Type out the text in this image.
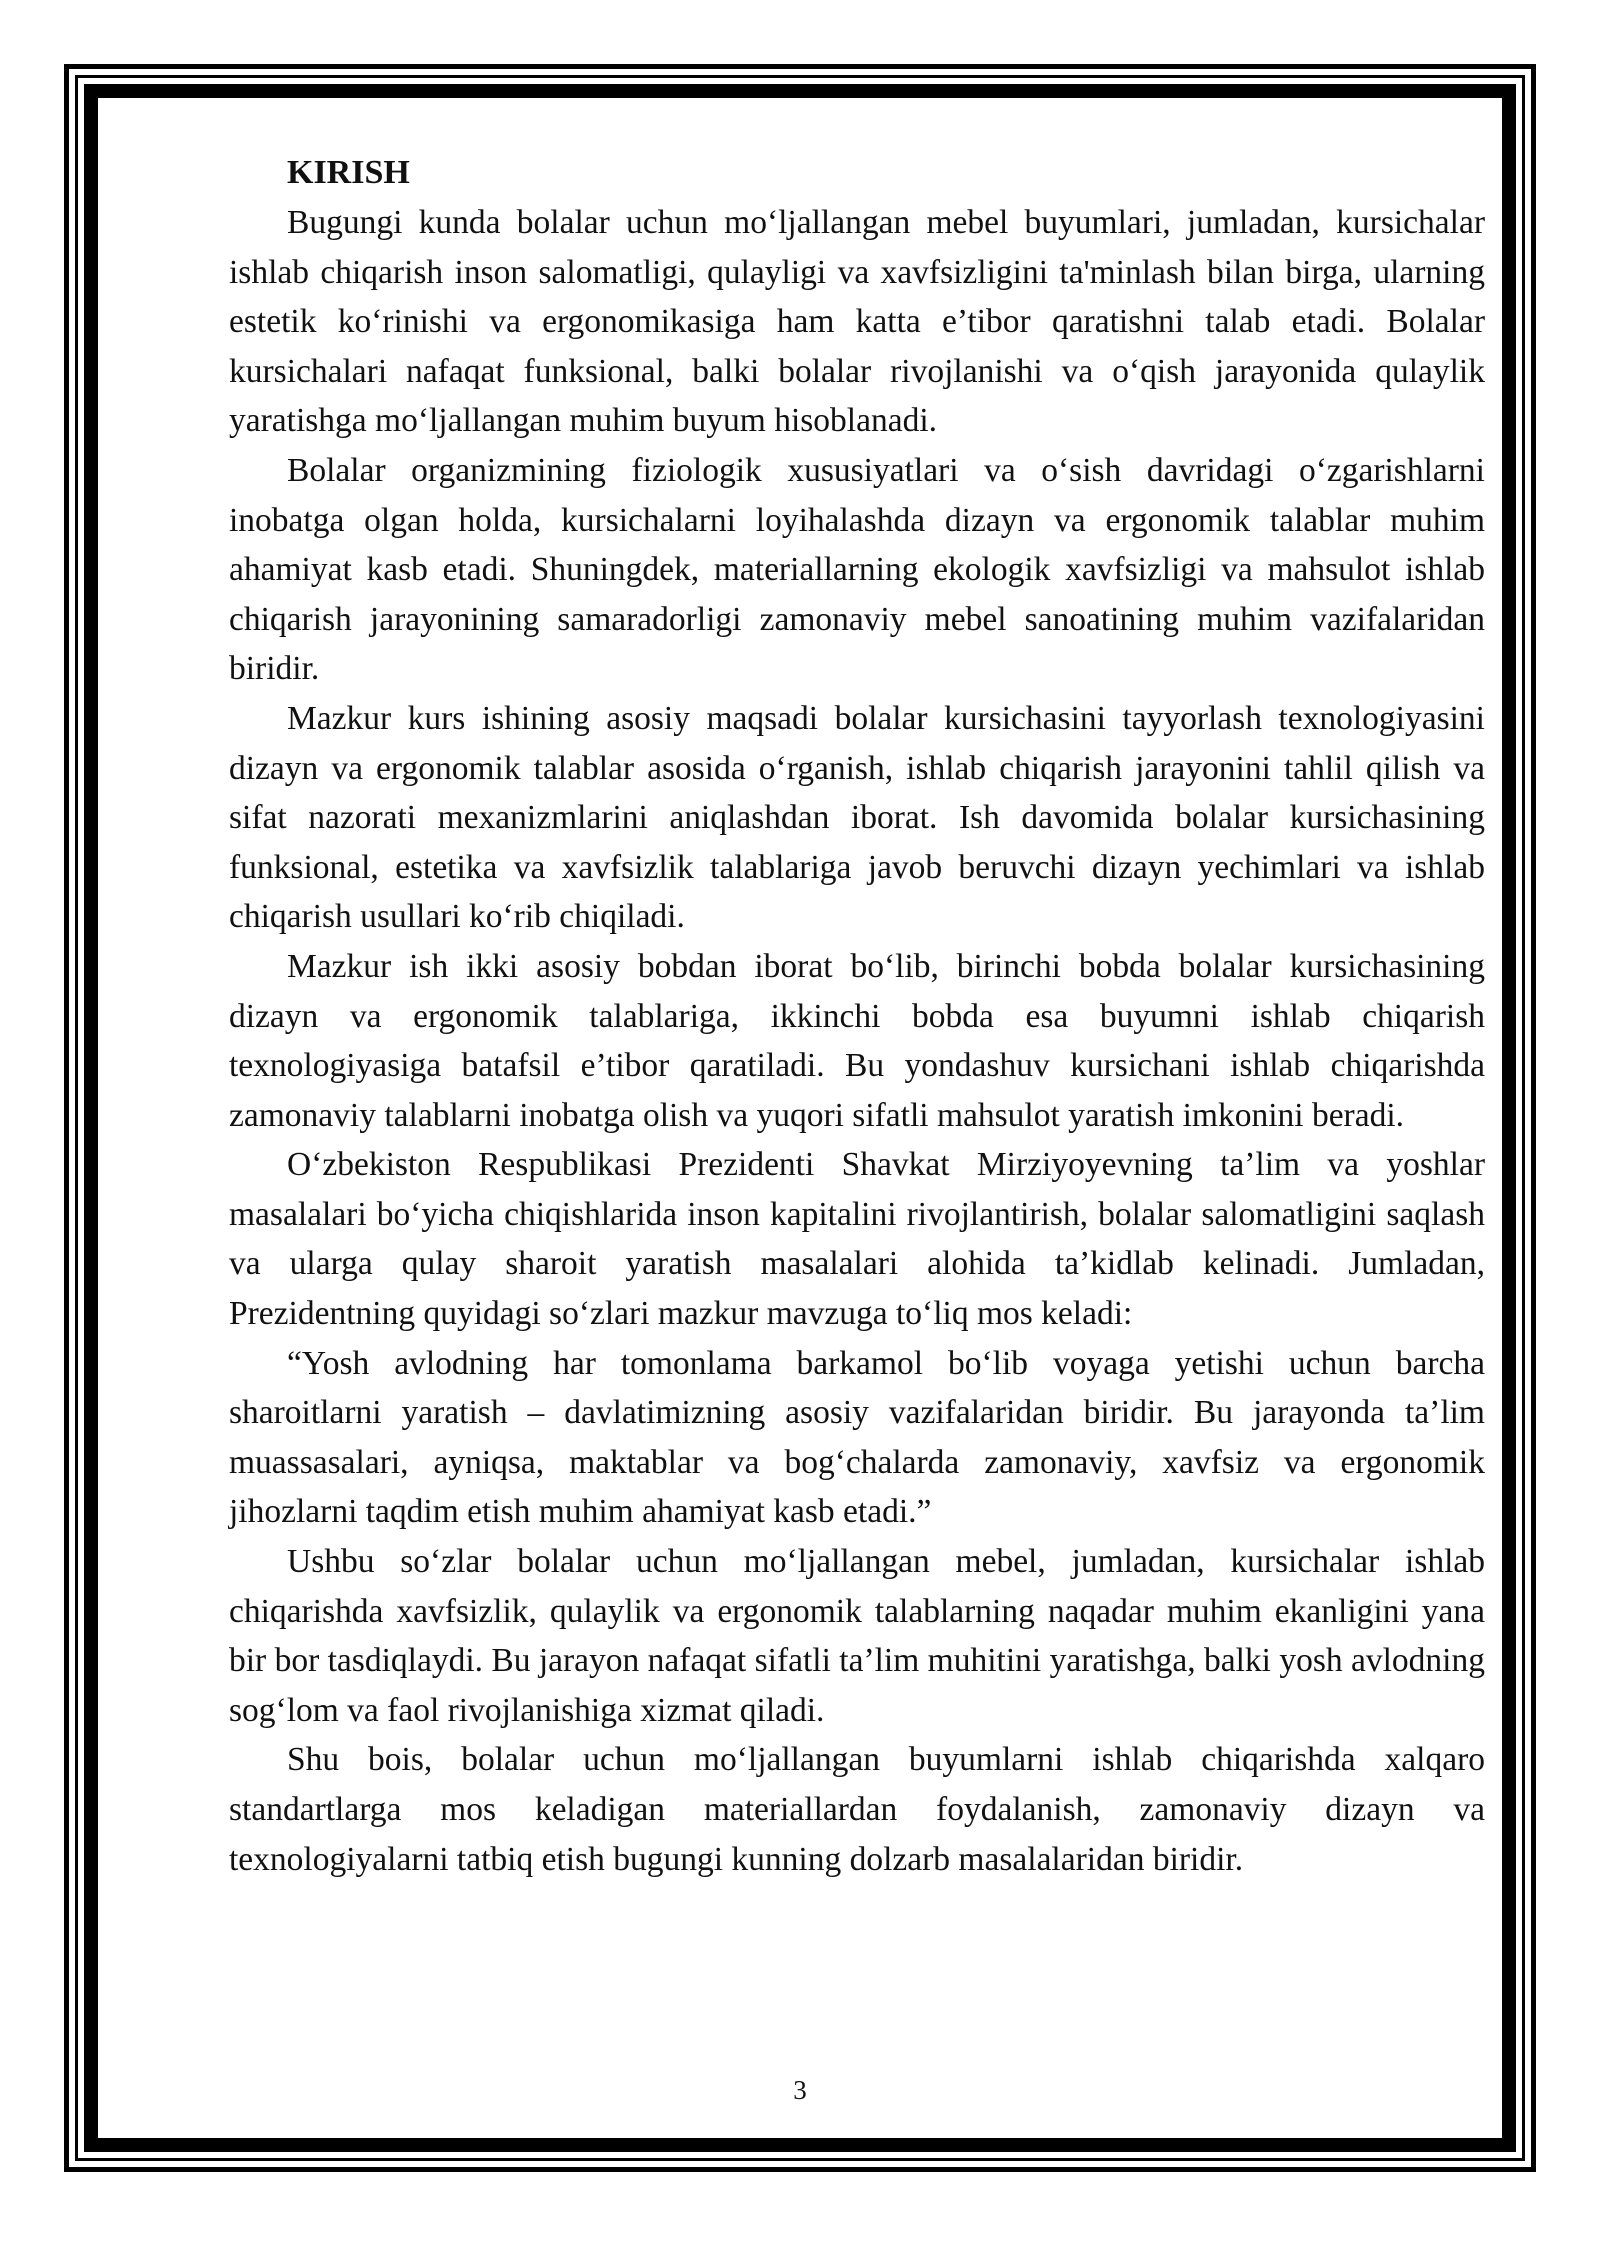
KIRISH

Bugungi kunda bolalar uchun mo‘ljallangan mebel buyumlari, jumladan, kursichalar ishlab chiqarish inson salomatligi, qulayligi va xavfsizligini ta'minlash bilan birga, ularning estetik ko‘rinishi va ergonomikasiga ham katta e’tibor qaratishni talab etadi. Bolalar kursichalari nafaqat funksional, balki bolalar rivojlanishi va o‘qish jarayonida qulaylik yaratishga mo‘ljallangan muhim buyum hisoblanadi.

Bolalar organizmining fiziologik xususiyatlari va o‘sish davridagi o‘zgarishlarni inobatga olgan holda, kursichalarni loyihalashda dizayn va ergonomik talablar muhim ahamiyat kasb etadi. Shuningdek, materiallarning ekologik xavfsizligi va mahsulot ishlab chiqarish jarayonining samaradorligi zamonaviy mebel sanoatining muhim vazifalaridan biridir.

Mazkur kurs ishining asosiy maqsadi bolalar kursichasini tayyorlash texnologiyasini dizayn va ergonomik talablar asosida o‘rganish, ishlab chiqarish jarayonini tahlil qilish va sifat nazorati mexanizmlarini aniqlashdan iborat. Ish davomida bolalar kursichasining funksional, estetika va xavfsizlik talablariga javob beruvchi dizayn yechimlari va ishlab chiqarish usullari ko‘rib chiqiladi.

Mazkur ish ikki asosiy bobdan iborat bo‘lib, birinchi bobda bolalar kursichasining dizayn va ergonomik talablariga, ikkinchi bobda esa buyumni ishlab chiqarish texnologiyasiga batafsil e’tibor qaratiladi. Bu yondashuv kursichani ishlab chiqarishda zamonaviy talablarni inobatga olish va yuqori sifatli mahsulot yaratish imkonini beradi.

O‘zbekiston Respublikasi Prezidenti Shavkat Mirziyoyevning ta’lim va yoshlar masalalari bo‘yicha chiqishlarida inson kapitalini rivojlantirish, bolalar salomatligini saqlash va ularga qulay sharoit yaratish masalalari alohida ta’kidlab kelinadi. Jumladan, Prezidentning quyidagi so‘zlari mazkur mavzuga to‘liq mos keladi:

“Yosh avlodning har tomonlama barkamol bo‘lib voyaga yetishi uchun barcha sharoitlarni yaratish – davlatimizning asosiy vazifalaridan biridir. Bu jarayonda ta’lim muassasalari, ayniqsa, maktablar va bog‘chalarda zamonaviy, xavfsiz va ergonomik jihozlarni taqdim etish muhim ahamiyat kasb etadi.”

Ushbu so‘zlar bolalar uchun mo‘ljallangan mebel, jumladan, kursichalar ishlab chiqarishda xavfsizlik, qulaylik va ergonomik talablarning naqadar muhim ekanligini yana bir bor tasdiqlaydi. Bu jarayon nafaqat sifatli ta’lim muhitini yaratishga, balki yosh avlodning sog‘lom va faol rivojlanishiga xizmat qiladi.

Shu bois, bolalar uchun mo‘ljallangan buyumlarni ishlab chiqarishda xalqaro standartlarga mos keladigan materiallardan foydalanish, zamonaviy dizayn va texnologiyalarni tatbiq etish bugungi kunning dolzarb masalalaridan biridir.

3
